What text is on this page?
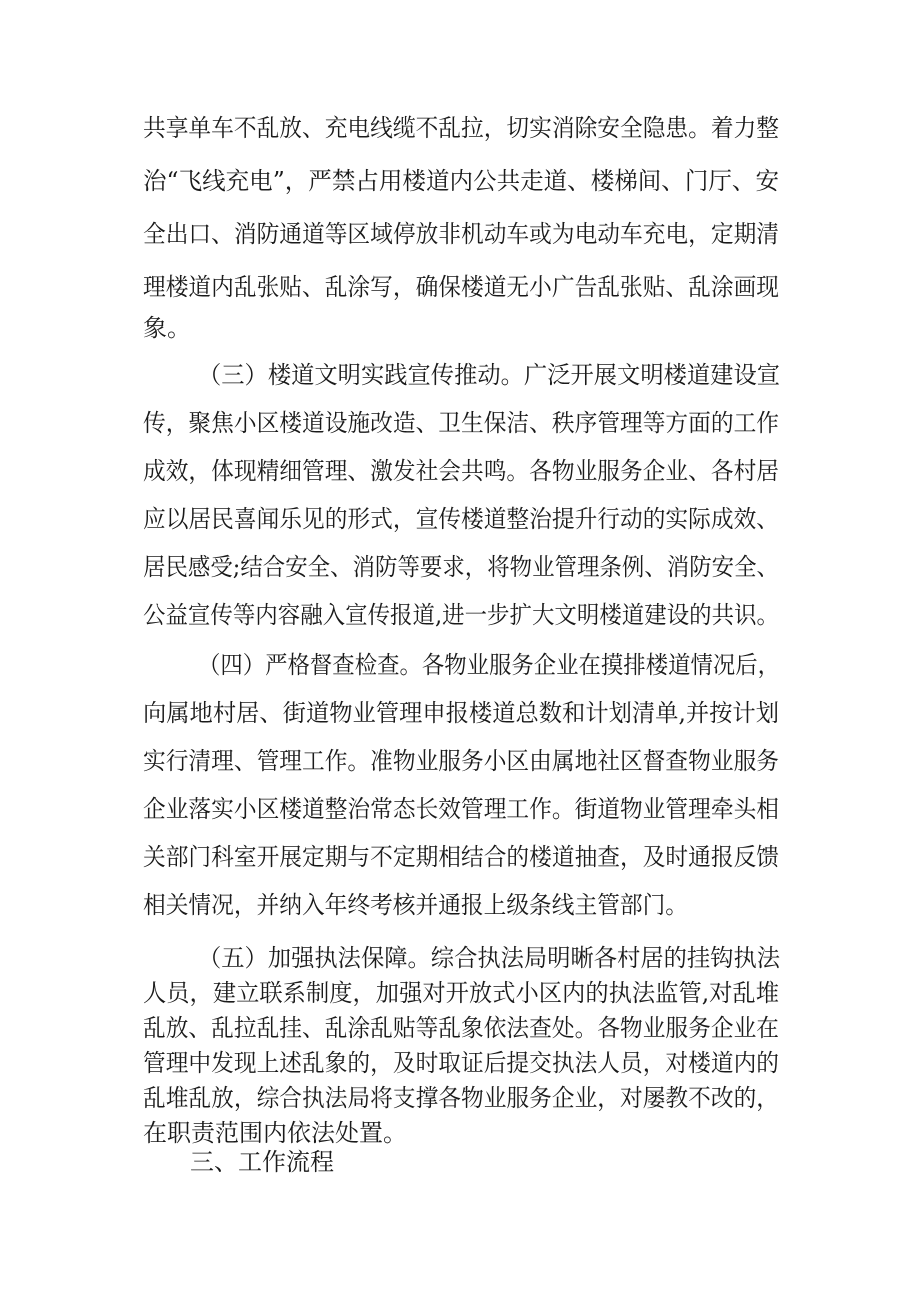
共享单车不乱放、充电线缆不乱拉，切实消除安全隐患。着力整
治“飞线充电”，严禁占用楼道内公共走道、楼梯间、门厅、安
全出口、消防通道等区域停放非机动车或为电动车充电，定期清
理楼道内乱张贴、乱涂写，确保楼道无小广告乱张贴、乱涂画现
象。
（三）楼道文明实践宣传推动。广泛开展文明楼道建设宣
传，聚焦小区楼道设施改造、卫生保洁、秩序管理等方面的工作
成效，体现精细管理、激发社会共鸣。各物业服务企业、各村居
应以居民喜闻乐见的形式，宣传楼道整治提升行动的实际成效、
居民感受;结合安全、消防等要求，将物业管理条例、消防安全、
公益宣传等内容融入宣传报道,进一步扩大文明楼道建设的共识。
（四）严格督查检查。各物业服务企业在摸排楼道情况后，
向属地村居、街道物业管理申报楼道总数和计划清单,并按计划
实行清理、管理工作。准物业服务小区由属地社区督查物业服务
企业落实小区楼道整治常态长效管理工作。街道物业管理牵头相
关部门科室开展定期与不定期相结合的楼道抽查，及时通报反馈
相关情况，并纳入年终考核并通报上级条线主管部门。
（五）加强执法保障。综合执法局明晰各村居的挂钩执法
人员，建立联系制度，加强对开放式小区内的执法监管,对乱堆
乱放、乱拉乱挂、乱涂乱贴等乱象依法查处。各物业服务企业在
管理中发现上述乱象的，及时取证后提交执法人员，对楼道内的
乱堆乱放，综合执法局将支撑各物业服务企业，对屡教不改的，
在职责范围内依法处置。
三、工作流程
